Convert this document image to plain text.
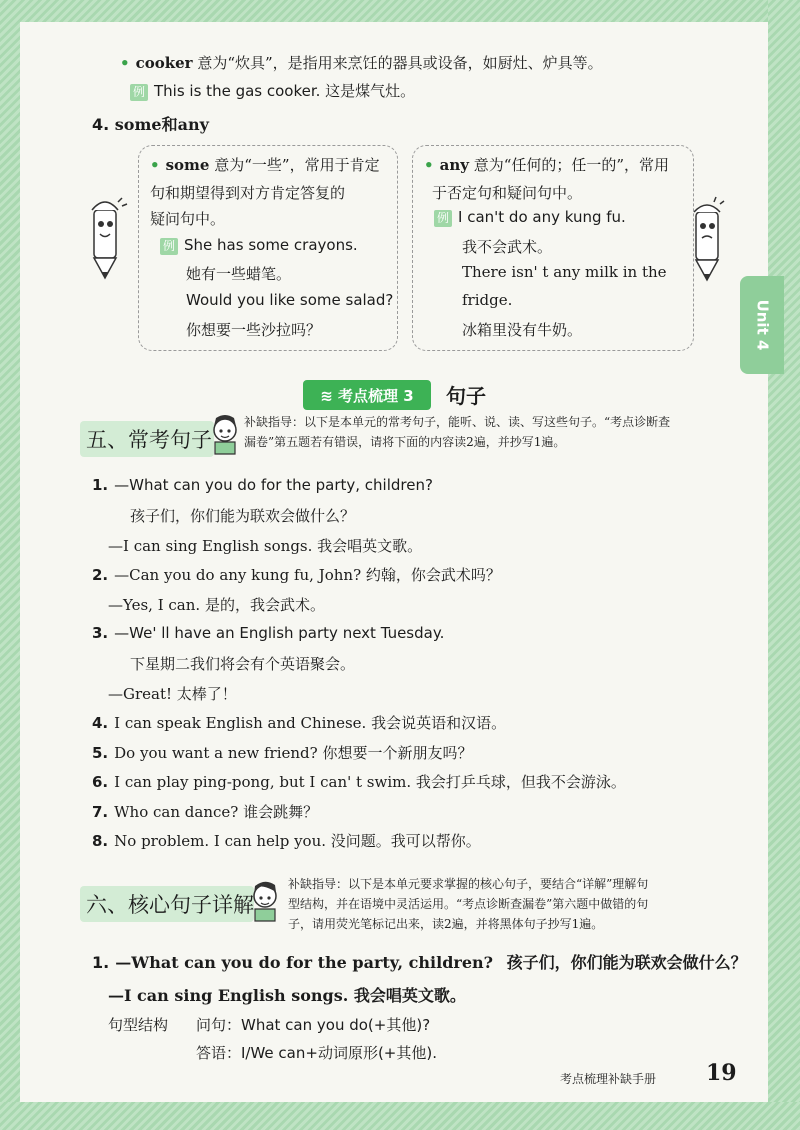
Unit 4
• cooker 意为“炊具”，是指用来烹饪的器具或设备，如厨灶、炉具等。
例 This is the gas cooker. 这是煤气灶。
4. some和any
• some 意为“一些”，常用于肯定
句和期望得到对方肯定答复的
疑问句中。
例 She has some crayons.
她有一些蜡笔。
Would you like some salad?
你想要一些沙拉吗？
• any 意为“任何的；任一的”，常用
于否定句和疑问句中。
例 I can't do any kung fu.
我不会武术。
There isn' t any milk in the
fridge.
冰箱里没有牛奶。
≋ 考点梳理 3	句子
五、常考句子
补缺指导：以下是本单元的常考句子，能听、说、读、写这些句子。“考点诊断查
漏卷”第五题若有错误，请将下面的内容读2遍，并抄写1遍。
1. —What can you do for the party, children?
孩子们，你们能为联欢会做什么？
—I can sing English songs. 我会唱英文歌。
2. —Can you do any kung fu, John? 约翰，你会武术吗？
—Yes, I can. 是的，我会武术。
3. —We' ll have an English party next Tuesday.
下星期二我们将会有个英语聚会。
—Great! 太棒了！
4. I can speak English and Chinese. 我会说英语和汉语。
5. Do you want a new friend? 你想要一个新朋友吗？
6. I can play ping-pong, but I can' t swim. 我会打乒乓球，但我不会游泳。
7. Who can dance? 谁会跳舞？
8. No problem. I can help you. 没问题。我可以帮你。
六、核心句子详解
补缺指导：以下是本单元要求掌握的核心句子，要结合“详解”理解句
型结构，并在语境中灵活运用。“考点诊断查漏卷”第六题中做错的句
子，请用荧光笔标记出来，读2遍，并将黑体句子抄写1遍。
1. —What can you do for the party, children? 孩子们，你们能为联欢会做什么？
—I can sing English songs. 我会唱英文歌。
句型结构 问句：What can you do(+其他)?
答语：I/We can+动词原形(+其他).
考点梳理补缺手册 19
